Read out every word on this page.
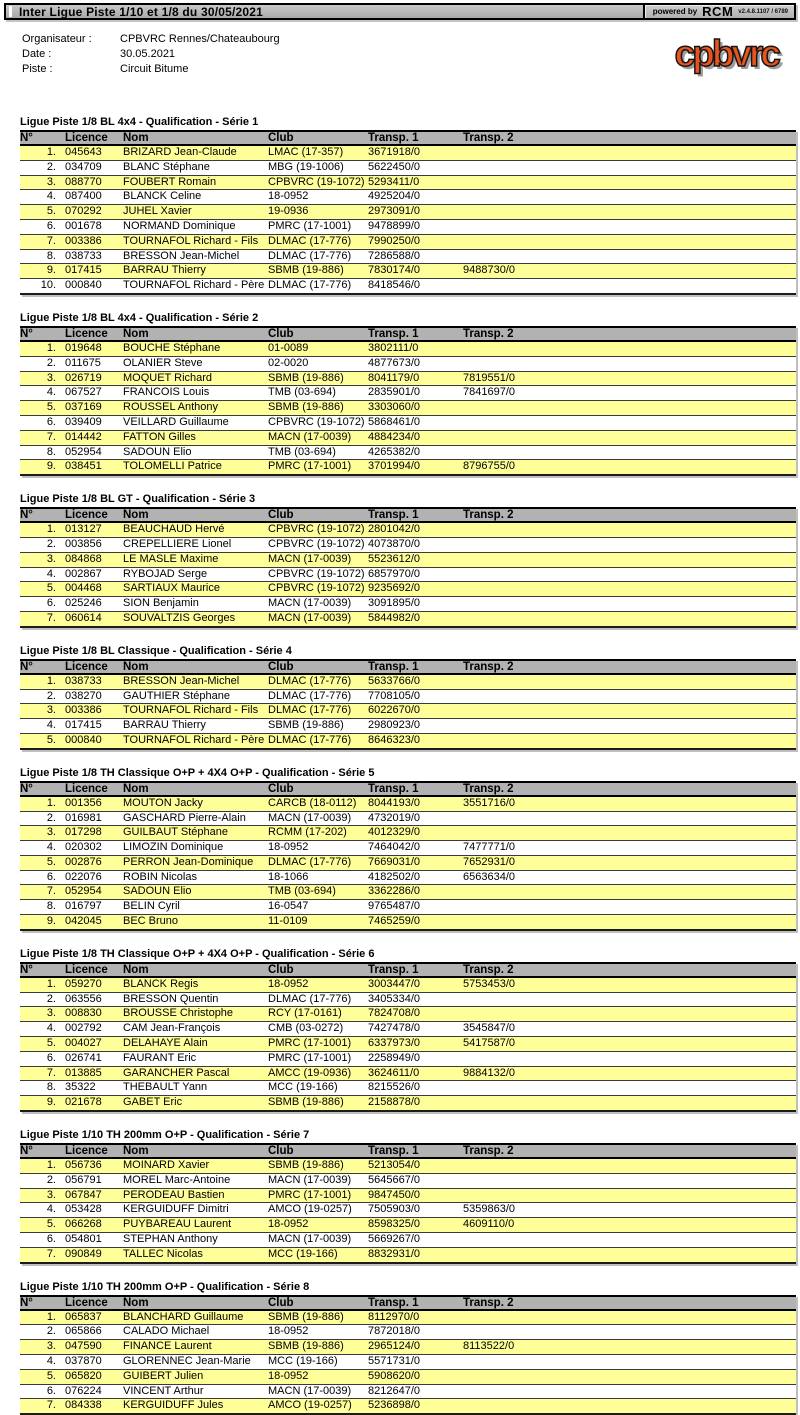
Inter Ligue Piste 1/10 et 1/8 du 30/05/2021	powered by RCM v2.4.8.1107 / 6789
Organisateur :	CPBVRC Rennes/Chateaubourg
Date :	30.05.2021
Piste :	Circuit Bitume	cpbvrc
Ligue Piste 1/8 BL 4x4 - Qualification - Série 1
N°	Licence	Nom	Club	Transp. 1	Transp. 2
1.	045643	BRIZARD Jean-Claude	LMAC (17-357)	3671918/0	
2.	034709	BLANC Stéphane	MBG (19-1006)	5622450/0	
3.	088770	FOUBERT Romain	CPBVRC (19-1072)	5293411/0	
4.	087400	BLANCK Celine	18-0952	4925204/0	
5.	070292	JUHEL Xavier	19-0936	2973091/0	
6.	001678	NORMAND Dominique	PMRC (17-1001)	9478899/0	
7.	003386	TOURNAFOL Richard - Fils	DLMAC (17-776)	7990250/0	
8.	038733	BRESSON Jean-Michel	DLMAC (17-776)	7286588/0	
9.	017415	BARRAU Thierry	SBMB (19-886)	7830174/0	9488730/0
10.	000840	TOURNAFOL Richard - Père	DLMAC (17-776)	8418546/0	
Ligue Piste 1/8 BL 4x4 - Qualification - Série 2
N°	Licence	Nom	Club	Transp. 1	Transp. 2
1.	019648	BOUCHE Stéphane	01-0089	3802111/0	
2.	011675	OLANIER Steve	02-0020	4877673/0	
3.	026719	MOQUET Richard	SBMB (19-886)	8041179/0	7819551/0
4.	067527	FRANCOIS Louis	TMB (03-694)	2835901/0	7841697/0
5.	037169	ROUSSEL Anthony	SBMB (19-886)	3303060/0	
6.	039409	VEILLARD Guillaume	CPBVRC (19-1072)	5868461/0	
7.	014442	FATTON Gilles	MACN (17-0039)	4884234/0	
8.	052954	SADOUN Elio	TMB (03-694)	4265382/0	
9.	038451	TOLOMELLI Patrice	PMRC (17-1001)	3701994/0	8796755/0
Ligue Piste 1/8 BL GT - Qualification - Série 3
N°	Licence	Nom	Club	Transp. 1	Transp. 2
1.	013127	BEAUCHAUD Hervé	CPBVRC (19-1072)	2801042/0	
2.	003856	CREPELLIERE Lionel	CPBVRC (19-1072)	4073870/0	
3.	084868	LE MASLE Maxime	MACN (17-0039)	5523612/0	
4.	002867	RYBOJAD Serge	CPBVRC (19-1072)	6857970/0	
5.	004468	SARTIAUX Maurice	CPBVRC (19-1072)	9235692/0	
6.	025246	SION Benjamin	MACN (17-0039)	3091895/0	
7.	060614	SOUVALTZIS Georges	MACN (17-0039)	5844982/0	
Ligue Piste 1/8 BL Classique - Qualification - Série 4
N°	Licence	Nom	Club	Transp. 1	Transp. 2
1.	038733	BRESSON Jean-Michel	DLMAC (17-776)	5633766/0	
2.	038270	GAUTHIER Stéphane	DLMAC (17-776)	7708105/0	
3.	003386	TOURNAFOL Richard - Fils	DLMAC (17-776)	6022670/0	
4.	017415	BARRAU Thierry	SBMB (19-886)	2980923/0	
5.	000840	TOURNAFOL Richard - Père	DLMAC (17-776)	8646323/0	
Ligue Piste 1/8 TH Classique O+P + 4X4 O+P - Qualification - Série 5
N°	Licence	Nom	Club	Transp. 1	Transp. 2
1.	001356	MOUTON Jacky	CARCB (18-0112)	8044193/0	3551716/0
2.	016981	GASCHARD Pierre-Alain	MACN (17-0039)	4732019/0	
3.	017298	GUILBAUT Stéphane	RCMM (17-202)	4012329/0	
4.	020302	LIMOZIN Dominique	18-0952	7464042/0	7477771/0
5.	002876	PERRON Jean-Dominique	DLMAC (17-776)	7669031/0	7652931/0
6.	022076	ROBIN Nicolas	18-1066	4182502/0	6563634/0
7.	052954	SADOUN Elio	TMB (03-694)	3362286/0	
8.	016797	BELIN Cyril	16-0547	9765487/0	
9.	042045	BEC Bruno	11-0109	7465259/0	
Ligue Piste 1/8 TH Classique O+P + 4X4 O+P - Qualification - Série 6
N°	Licence	Nom	Club	Transp. 1	Transp. 2
1.	059270	BLANCK Regis	18-0952	3003447/0	5753453/0
2.	063556	BRESSON Quentin	DLMAC (17-776)	3405334/0	
3.	008830	BROUSSE Christophe	RCY (17-0161)	7824708/0	
4.	002792	CAM Jean-François	CMB (03-0272)	7427478/0	3545847/0
5.	004027	DELAHAYE Alain	PMRC (17-1001)	6337973/0	5417587/0
6.	026741	FAURANT Eric	PMRC (17-1001)	2258949/0	
7.	013885	GARANCHER Pascal	AMCC (19-0936)	3624611/0	9884132/0
8.	35322	THEBAULT Yann	MCC (19-166)	8215526/0	
9.	021678	GABET Eric	SBMB (19-886)	2158878/0	
Ligue Piste 1/10 TH 200mm O+P - Qualification - Série 7
N°	Licence	Nom	Club	Transp. 1	Transp. 2
1.	056736	MOINARD Xavier	SBMB (19-886)	5213054/0	
2.	056791	MOREL Marc-Antoine	MACN (17-0039)	5645667/0	
3.	067847	PERODEAU Bastien	PMRC (17-1001)	9847450/0	
4.	053428	KERGUIDUFF Dimitri	AMCO (19-0257)	7505903/0	5359863/0
5.	066268	PUYBAREAU Laurent	18-0952	8598325/0	4609110/0
6.	054801	STEPHAN Anthony	MACN (17-0039)	5669267/0	
7.	090849	TALLEC Nicolas	MCC (19-166)	8832931/0	
Ligue Piste 1/10 TH 200mm O+P - Qualification - Série 8
N°	Licence	Nom	Club	Transp. 1	Transp. 2
1.	065837	BLANCHARD Guillaume	SBMB (19-886)	8112970/0	
2.	065866	CALADO Michael	18-0952	7872018/0	
3.	047590	FINANCE Laurent	SBMB (19-886)	2965124/0	8113522/0
4.	037870	GLORENNEC Jean-Marie	MCC (19-166)	5571731/0	
5.	065820	GUIBERT Julien	18-0952	5908620/0	
6.	076224	VINCENT Arthur	MACN (17-0039)	8212647/0	
7.	084338	KERGUIDUFF Jules	AMCO (19-0257)	5236898/0	
